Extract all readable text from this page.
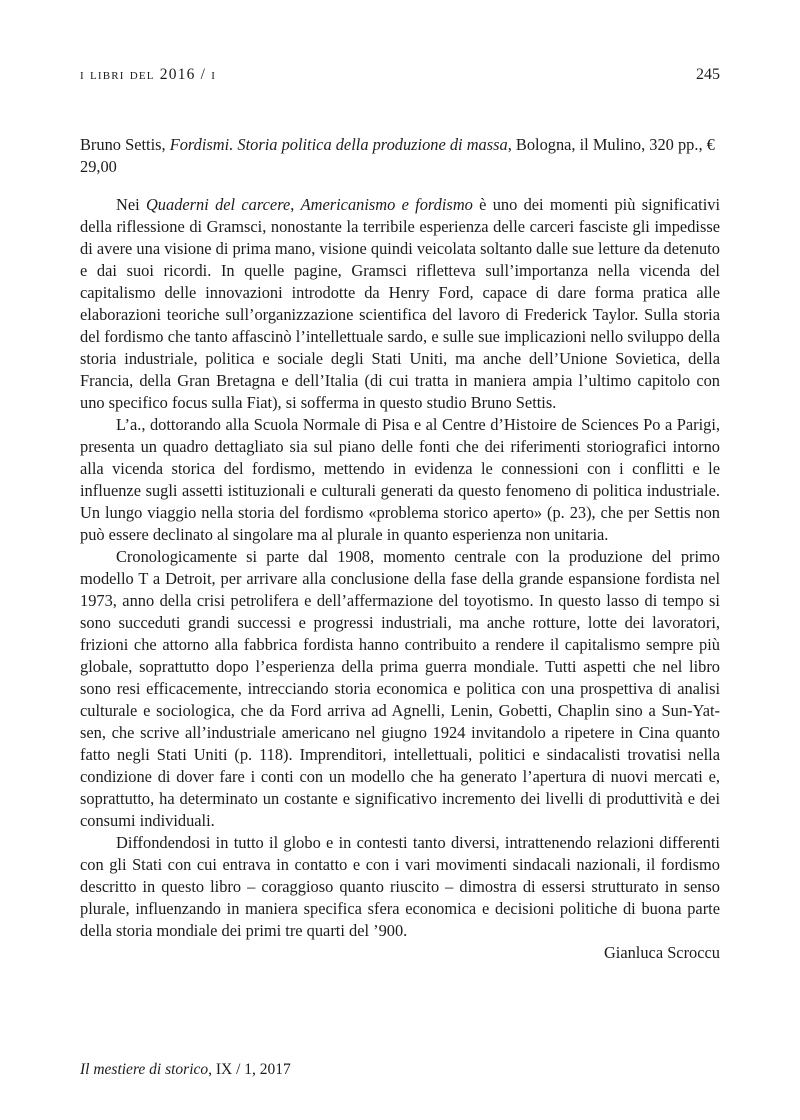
i libri del 2016 / i	245
Bruno Settis, Fordismi. Storia politica della produzione di massa, Bologna, il Mulino, 320 pp., € 29,00

Nei Quaderni del carcere, Americanismo e fordismo è uno dei momenti più significativi della riflessione di Gramsci, nonostante la terribile esperienza delle carceri fasciste gli impedisse di avere una visione di prima mano, visione quindi veicolata soltanto dalle sue letture da detenuto e dai suoi ricordi. In quelle pagine, Gramsci rifletteva sull’importanza nella vicenda del capitalismo delle innovazioni introdotte da Henry Ford, capace di dare forma pratica alle elaborazioni teoriche sull’organizzazione scientifica del lavoro di Frederick Taylor. Sulla storia del fordismo che tanto affascinò l’intellettuale sardo, e sulle sue implicazioni nello sviluppo della storia industriale, politica e sociale degli Stati Uniti, ma anche dell’Unione Sovietica, della Francia, della Gran Bretagna e dell’Italia (di cui tratta in maniera ampia l’ultimo capitolo con uno specifico focus sulla Fiat), si sofferma in questo studio Bruno Settis.

L’a., dottorando alla Scuola Normale di Pisa e al Centre d’Histoire de Sciences Po a Parigi, presenta un quadro dettagliato sia sul piano delle fonti che dei riferimenti storiografici intorno alla vicenda storica del fordismo, mettendo in evidenza le connessioni con i conflitti e le influenze sugli assetti istituzionali e culturali generati da questo fenomeno di politica industriale. Un lungo viaggio nella storia del fordismo «problema storico aperto» (p. 23), che per Settis non può essere declinato al singolare ma al plurale in quanto esperienza non unitaria.

Cronologicamente si parte dal 1908, momento centrale con la produzione del primo modello T a Detroit, per arrivare alla conclusione della fase della grande espansione fordista nel 1973, anno della crisi petrolifera e dell’affermazione del toyotismo. In questo lasso di tempo si sono succeduti grandi successi e progressi industriali, ma anche rotture, lotte dei lavoratori, frizioni che attorno alla fabbrica fordista hanno contribuito a rendere il capitalismo sempre più globale, soprattutto dopo l’esperienza della prima guerra mondiale. Tutti aspetti che nel libro sono resi efficacemente, intrecciando storia economica e politica con una prospettiva di analisi culturale e sociologica, che da Ford arriva ad Agnelli, Lenin, Gobetti, Chaplin sino a Sun-Yat-sen, che scrive all’industriale americano nel giugno 1924 invitandolo a ripetere in Cina quanto fatto negli Stati Uniti (p. 118). Imprenditori, intellettuali, politici e sindacalisti trovatisi nella condizione di dover fare i conti con un modello che ha generato l’apertura di nuovi mercati e, soprattutto, ha determinato un costante e significativo incremento dei livelli di produttività e dei consumi individuali.

Diffondendosi in tutto il globo e in contesti tanto diversi, intrattenendo relazioni differenti con gli Stati con cui entrava in contatto e con i vari movimenti sindacali nazionali, il fordismo descritto in questo libro – coraggioso quanto riuscito – dimostra di essersi strutturato in senso plurale, influenzando in maniera specifica sfera economica e decisioni politiche di buona parte della storia mondiale dei primi tre quarti del ’900.

Gianluca Scroccu

Il mestiere di storico, IX / 1, 2017
